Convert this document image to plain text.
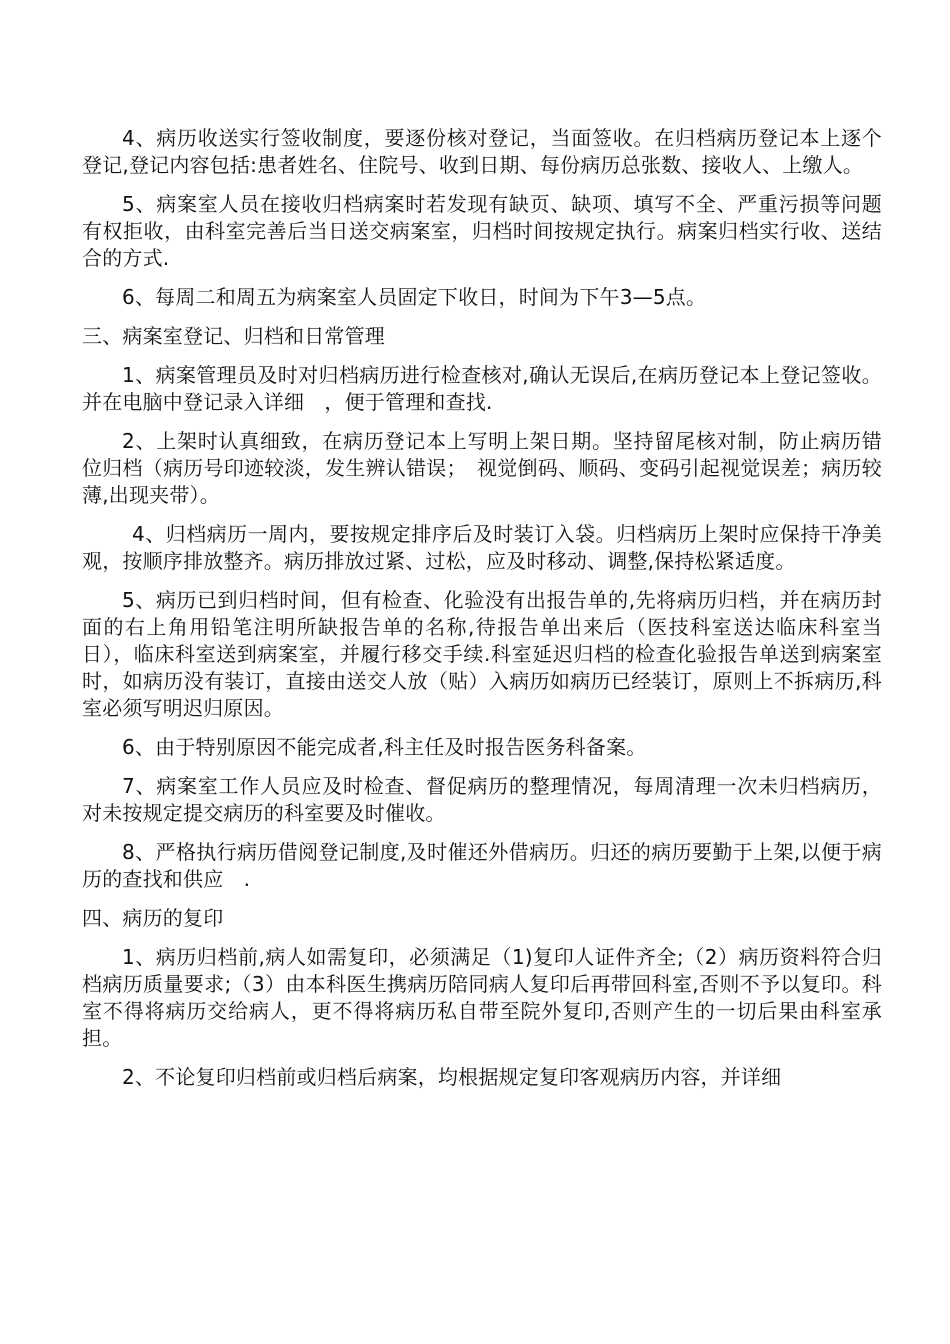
4、病历收送实行签收制度，要逐份核对登记，当面签收。在归档病历登记本上逐个登记,登记内容包括:患者姓名、住院号、收到日期、每份病历总张数、接收人、上缴人。

5、病案室人员在接收归档病案时若发现有缺页、缺项、填写不全、严重污损等问题有权拒收，由科室完善后当日送交病案室，归档时间按规定执行。病案归档实行收、送结合的方式.

6、每周二和周五为病案室人员固定下收日，时间为下午3—5点。

三、病案室登记、归档和日常管理

1、病案管理员及时对归档病历进行检查核对,确认无误后,在病历登记本上登记签收。并在电脑中登记录入详细　，便于管理和查找.

2、上架时认真细致，在病历登记本上写明上架日期。坚持留尾核对制，防止病历错位归档（病历号印迹较淡，发生辨认错误；　视觉倒码、顺码、变码引起视觉误差；病历较薄,出现夹带）。

4、归档病历一周内，要按规定排序后及时装订入袋。归档病历上架时应保持干净美观，按顺序排放整齐。病历排放过紧、过松，应及时移动、调整,保持松紧适度。

5、病历已到归档时间，但有检查、化验没有出报告单的,先将病历归档，并在病历封面的右上角用铅笔注明所缺报告单的名称,待报告单出来后（医技科室送达临床科室当日），临床科室送到病案室，并履行移交手续.科室延迟归档的检查化验报告单送到病案室时，如病历没有装订，直接由送交人放（贴）入病历如病历已经装订，原则上不拆病历,科室必须写明迟归原因。

6、由于特别原因不能完成者,科主任及时报告医务科备案。

7、病案室工作人员应及时检查、督促病历的整理情况，每周清理一次未归档病历，对未按规定提交病历的科室要及时催收。

8、严格执行病历借阅登记制度,及时催还外借病历。归还的病历要勤于上架,以便于病历的查找和供应　.

四、病历的复印

1、病历归档前,病人如需复印，必须满足（1)复印人证件齐全;（2）病历资料符合归档病历质量要求;（3）由本科医生携病历陪同病人复印后再带回科室,否则不予以复印。科室不得将病历交给病人，更不得将病历私自带至院外复印,否则产生的一切后果由科室承担。

2、不论复印归档前或归档后病案，均根据规定复印客观病历内容，并详细
